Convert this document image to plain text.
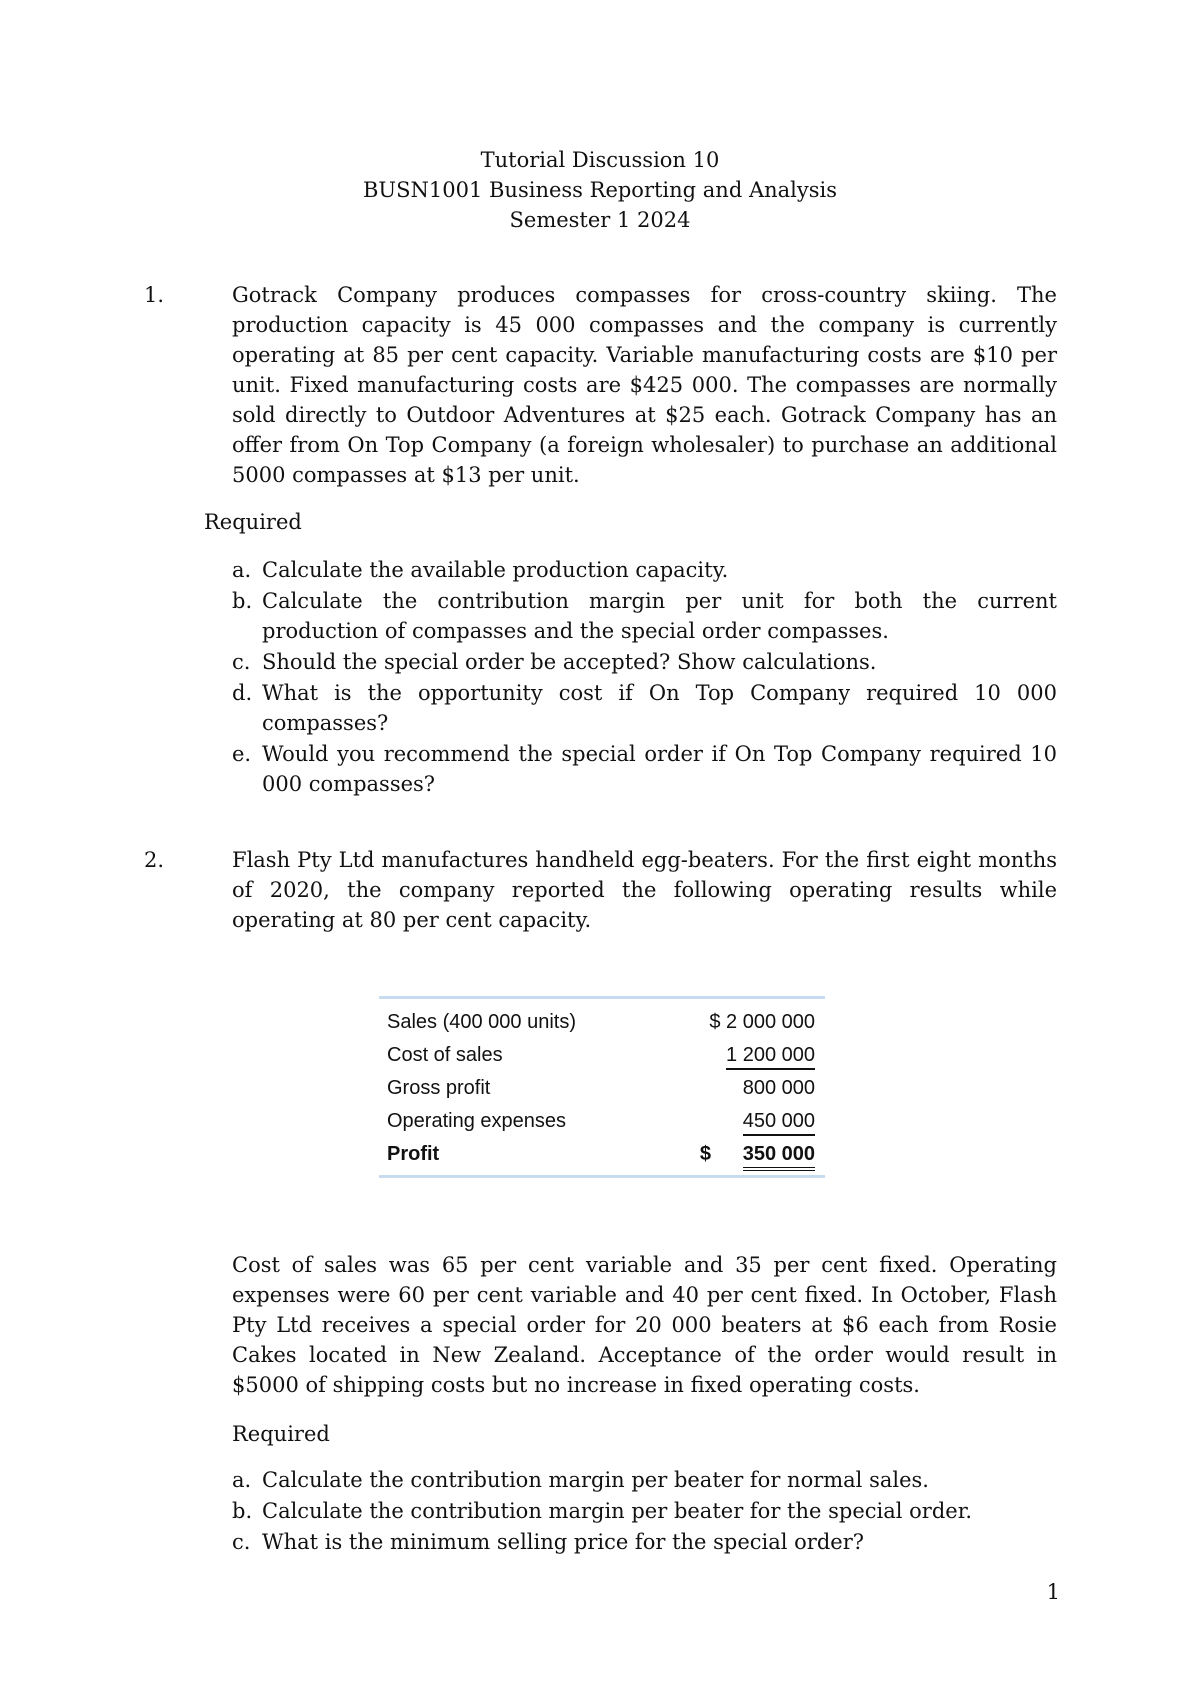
Tutorial Discussion 10
BUSN1001 Business Reporting and Analysis
Semester 1 2024
1.	Gotrack Company produces compasses for cross-country skiing. The production capacity is 45 000 compasses and the company is currently operating at 85 per cent capacity. Variable manufacturing costs are $10 per unit. Fixed manufacturing costs are $425 000. The compasses are normally sold directly to Outdoor Adventures at $25 each. Gotrack Company has an offer from On Top Company (a foreign wholesaler) to purchase an additional 5000 compasses at $13 per unit.
Required
a. Calculate the available production capacity.
b. Calculate the contribution margin per unit for both the current production of compasses and the special order compasses.
c. Should the special order be accepted? Show calculations.
d. What is the opportunity cost if On Top Company required 10 000 compasses?
e. Would you recommend the special order if On Top Company required 10 000 compasses?
2.	Flash Pty Ltd manufactures handheld egg-beaters. For the first eight months of 2020, the company reported the following operating results while operating at 80 per cent capacity.
Sales (400 000 units)	$ 2 000 000
Cost of sales	1 200 000
Gross profit	800 000
Operating expenses	450 000
Profit	$ 350 000
Cost of sales was 65 per cent variable and 35 per cent fixed. Operating expenses were 60 per cent variable and 40 per cent fixed. In October, Flash Pty Ltd receives a special order for 20 000 beaters at $6 each from Rosie Cakes located in New Zealand. Acceptance of the order would result in $5000 of shipping costs but no increase in fixed operating costs.
Required
a. Calculate the contribution margin per beater for normal sales.
b. Calculate the contribution margin per beater for the special order.
c. What is the minimum selling price for the special order?
1
